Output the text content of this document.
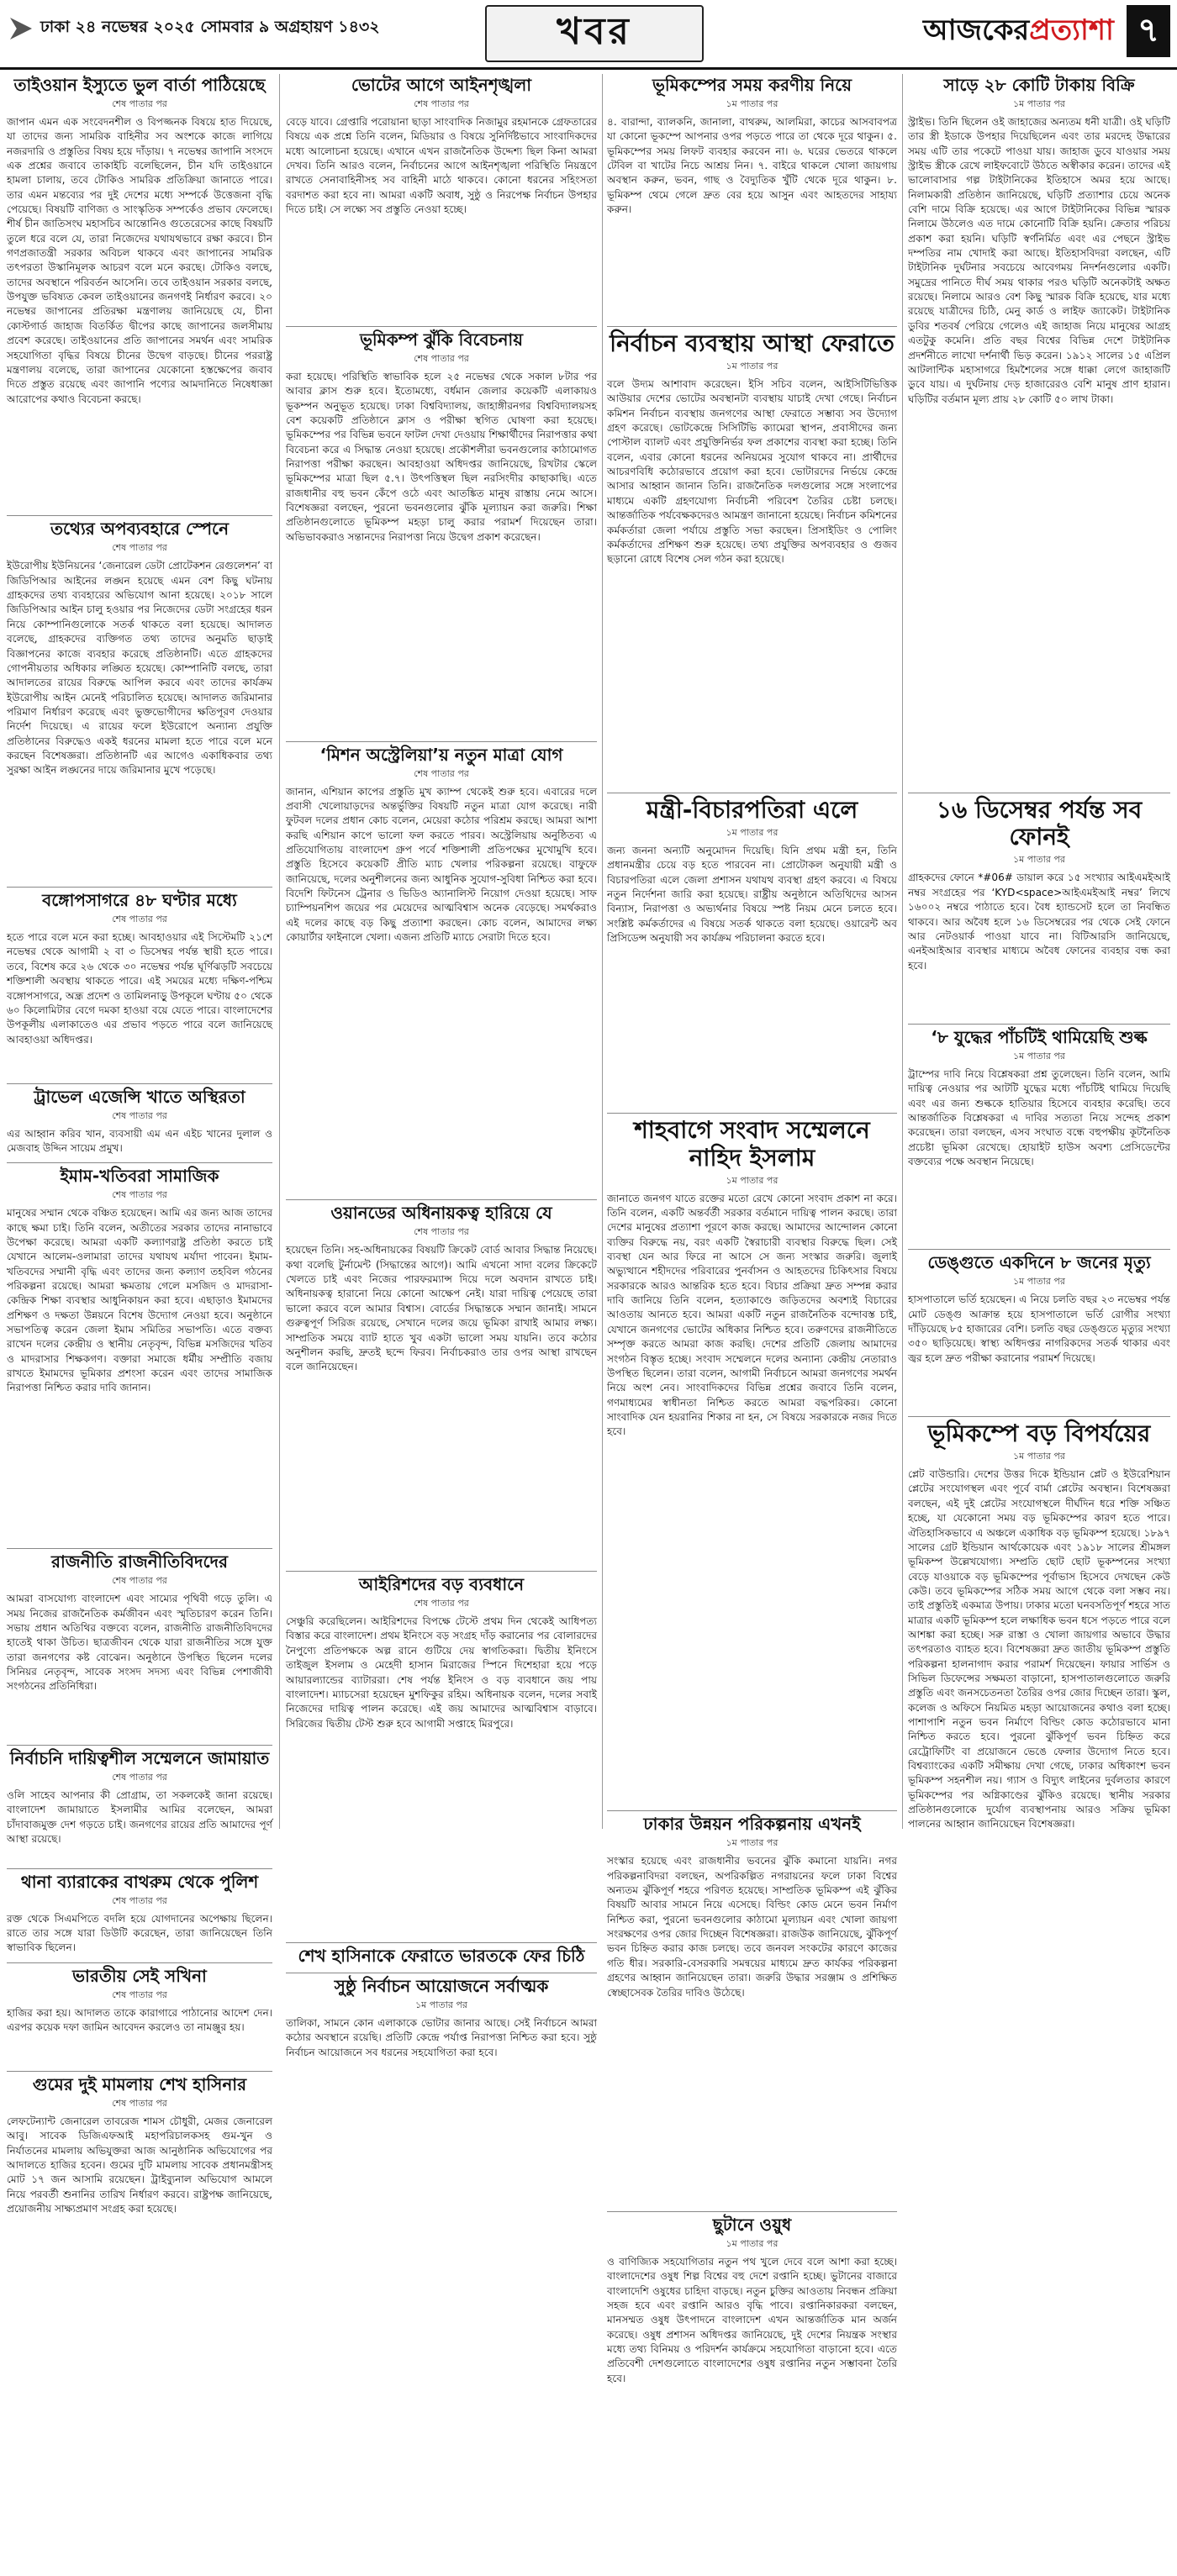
ঢাকা ২৪ নভেম্বর ২০২৫ সোমবার ৯ অগ্রহায়ণ ১৪৩২	খবর	আজকেরপ্রত্যাশা ৭
তাইওয়ান ইস্যুতে ভুল বার্তা পাঠিয়েছে
শেষ পাতার পর
জাপান এমন এক সংবেদনশীল ও বিপজ্জনক বিষয়ে হাত দিয়েছে, যা তাদের জন্য সামরিক বাহিনীর সব অংশকে কাজে লাগিয়ে নজরদারি ও প্রস্তুতির বিষয় হয়ে দাঁড়ায়। ৭ নভেম্বর জাপানি সংসদে এক প্রশ্নের জবাবে তাকাইচি বলেছিলেন, চীন যদি তাইওয়ানে হামলা চালায়, তবে টোকিও সামরিক প্রতিক্রিয়া জানাতে পারে। তার এমন মন্তব্যের পর দুই দেশের মধ্যে সম্পর্কে উত্তেজনা বৃদ্ধি পেয়েছে। বিষয়টি বাণিজ্য ও সাংস্কৃতিক সম্পর্কেও প্রভাব ফেলেছে। শীর্ষ চীন জাতিসংঘ মহাসচিব আন্তোনিও গুতেরেসের কাছে বিষয়টি তুলে ধরে বলে যে, তারা নিজেদের যথাযথভাবে রক্ষা করবে। চীন গণপ্রজাতন্ত্রী সরকার অবিচল থাকবে এবং জাপানের সামরিক তৎপরতা উস্কানিমূলক আচরণ বলে মনে করছে। টোকিও বলছে, তাদের অবস্থানে পরিবর্তন আসেনি। তবে তাইওয়ান সরকার বলছে, উপযুক্ত ভবিষ্যত কেবল তাইওয়ানের জনগণই নির্ধারণ করবে। ২০ নভেম্বর জাপানের প্রতিরক্ষা মন্ত্রণালয় জানিয়েছে যে, চীনা কোস্টগার্ড জাহাজ বিতর্কিত দ্বীপের কাছে জাপানের জলসীমায় প্রবেশ করেছে। তাইওয়ানের প্রতি জাপানের সমর্থন এবং সামরিক সহযোগিতা বৃদ্ধির বিষয়ে চীনের উদ্বেগ বাড়ছে। চীনের পররাষ্ট্র মন্ত্রণালয় বলেছে, তারা জাপানের যেকোনো হস্তক্ষেপের জবাব দিতে প্রস্তুত রয়েছে এবং জাপানি পণ্যের আমদানিতে নিষেধাজ্ঞা আরোপের কথাও বিবেচনা করছে।
তথ্যের অপব্যবহারে স্পেনে
শেষ পাতার পর
ইউরোপীয় ইউনিয়নের ‘জেনারেল ডেটা প্রোটেকশন রেগুলেশন’ বা জিডিপিআর আইনের লঙ্ঘন হয়েছে এমন বেশ কিছু ঘটনায় গ্রাহকদের তথ্য ব্যবহারের অভিযোগ আনা হয়েছে। ২০১৮ সালে জিডিপিআর আইন চালু হওয়ার পর নিজেদের ডেটা সংগ্রহের ধরন নিয়ে কোম্পানিগুলোকে সতর্ক থাকতে বলা হয়েছে। আদালত বলেছে, গ্রাহকদের ব্যক্তিগত তথ্য তাদের অনুমতি ছাড়াই বিজ্ঞাপনের কাজে ব্যবহার করেছে প্রতিষ্ঠানটি। এতে গ্রাহকদের গোপনীয়তার অধিকার লঙ্ঘিত হয়েছে। কোম্পানিটি বলছে, তারা আদালতের রায়ের বিরুদ্ধে আপিল করবে এবং তাদের কার্যক্রম ইউরোপীয় আইন মেনেই পরিচালিত হয়েছে। আদালত জরিমানার পরিমাণ নির্ধারণ করেছে এবং ভুক্তভোগীদের ক্ষতিপূরণ দেওয়ার নির্দেশ দিয়েছে। এ রায়ের ফলে ইউরোপে অন্যান্য প্রযুক্তি প্রতিষ্ঠানের বিরুদ্ধেও একই ধরনের মামলা হতে পারে বলে মনে করছেন বিশেষজ্ঞরা। প্রতিষ্ঠানটি এর আগেও একাধিকবার তথ্য সুরক্ষা আইন লঙ্ঘনের দায়ে জরিমানার মুখে পড়েছে।
বঙ্গোপসাগরে ৪৮ ঘণ্টার মধ্যে
শেষ পাতার পর
হতে পারে বলে মনে করা হচ্ছে। আবহাওয়ার এই সিস্টেমটি ২১শে নভেম্বর থেকে আগামী ২ বা ৩ ডিসেম্বর পর্যন্ত স্থায়ী হতে পারে। তবে, বিশেষ করে ২৬ থেকে ৩০ নভেম্বর পর্যন্ত ঘূর্ণিঝড়টি সবচেয়ে শক্তিশালী অবস্থায় থাকতে পারে। এই সময়ের মধ্যে দক্ষিণ-পশ্চিম বঙ্গোপসাগরে, অন্ধ্র প্রদেশ ও তামিলনাড়ু উপকূলে ঘণ্টায় ৫০ থেকে ৬০ কিলোমিটার বেগে দমকা হাওয়া বয়ে যেতে পারে। বাংলাদেশের উপকূলীয় এলাকাতেও এর প্রভাব পড়তে পারে বলে জানিয়েছে আবহাওয়া অধিদপ্তর।
ট্রাভেল এজেন্সি খাতে অস্থিরতা
শেষ পাতার পর
এর আহ্বান করিব খান, ব্যবসায়ী এম এন এইচ খানের দুলাল ও মেজবাহ উদ্দিন সায়েম প্রমুখ।
ইমাম-খতিবরা সামাজিক
শেষ পাতার পর
মানুষের সম্মান থেকে বঞ্চিত হয়েছেন। আমি এর জন্য আজ তাদের কাছে ক্ষমা চাই। তিনি বলেন, অতীতের সরকার তাদের নানাভাবে উপেক্ষা করেছে। আমরা একটি কল্যাণরাষ্ট্র প্রতিষ্ঠা করতে চাই যেখানে আলেম-ওলামারা তাদের যথাযথ মর্যাদা পাবেন। ইমাম-খতিবদের সম্মানী বৃদ্ধি এবং তাদের জন্য কল্যাণ তহবিল গঠনের পরিকল্পনা রয়েছে। আমরা ক্ষমতায় গেলে মসজিদ ও মাদরাসা-কেন্দ্রিক শিক্ষা ব্যবস্থার আধুনিকায়ন করা হবে। এছাড়াও ইমামদের প্রশিক্ষণ ও দক্ষতা উন্নয়নে বিশেষ উদ্যোগ নেওয়া হবে। অনুষ্ঠানে সভাপতিত্ব করেন জেলা ইমাম সমিতির সভাপতি। এতে বক্তব্য রাখেন দলের কেন্দ্রীয় ও স্থানীয় নেতৃবৃন্দ, বিভিন্ন মসজিদের খতিব ও মাদরাসার শিক্ষকগণ। বক্তারা সমাজে ধর্মীয় সম্প্রীতি বজায় রাখতে ইমামদের ভূমিকার প্রশংসা করেন এবং তাদের সামাজিক নিরাপত্তা নিশ্চিত করার দাবি জানান।
রাজনীতি রাজনীতিবিদদের
শেষ পাতার পর
আমরা বাসযোগ্য বাংলাদেশ এবং সাম্যের পৃথিবী গড়ে তুলি। এ সময় নিজের রাজনৈতিক কর্মজীবন এবং স্মৃতিচারণ করেন তিনি। সভায় প্রধান অতিথির বক্তব্যে বলেন, রাজনীতি রাজনীতিবিদদের হাতেই থাকা উচিত। ছাত্রজীবন থেকে যারা রাজনীতির সঙ্গে যুক্ত তারা জনগণের কষ্ট বোঝেন। অনুষ্ঠানে উপস্থিত ছিলেন দলের সিনিয়র নেতৃবৃন্দ, সাবেক সংসদ সদস্য এবং বিভিন্ন পেশাজীবী সংগঠনের প্রতিনিধিরা।
নির্বাচনি দায়িত্বশীল সম্মেলনে জামায়াত
শেষ পাতার পর
ওলি সাহেব আপনার কী প্রোগ্রাম, তা সকলকেই জানা রয়েছে। বাংলাদেশ জামায়াতে ইসলামীর আমির বলেছেন, আমরা চাঁদাবাজমুক্ত দেশ গড়তে চাই। জনগণের রায়ের প্রতি আমাদের পূর্ণ আস্থা রয়েছে।
থানা ব্যারাকের বাথরুম থেকে পুলিশ
শেষ পাতার পর
রক্ত থেকে সিএমপিতে বদলি হয়ে যোগদানের অপেক্ষায় ছিলেন। রাতে তার সঙ্গে যারা ডিউটি করেছেন, তারা জানিয়েছেন তিনি স্বাভাবিক ছিলেন।
ভারতীয় সেই সখিনা
শেষ পাতার পর
হাজির করা হয়। আদালত তাকে কারাগারে পাঠানোর আদেশ দেন। এরপর কয়েক দফা জামিন আবেদন করলেও তা নামঞ্জুর হয়।
গুমের দুই মামলায় শেখ হাসিনার
শেষ পাতার পর
লেফটেন্যান্ট জেনারেল তাবরেজ শামস চৌধুরী, মেজর জেনারেল আবু। সাবেক ডিজিএফআই মহাপরিচালকসহ গুম-খুন ও নির্যাতনের মামলায় অভিযুক্তরা আজ আনুষ্ঠানিক অভিযোগের পর আদালতে হাজির হবেন। গুমের দুটি মামলায় সাবেক প্রধানমন্ত্রীসহ মোট ১৭ জন আসামি রয়েছেন। ট্রাইব্যুনাল অভিযোগ আমলে নিয়ে পরবর্তী শুনানির তারিখ নির্ধারণ করবে। রাষ্ট্রপক্ষ জানিয়েছে, প্রয়োজনীয় সাক্ষ্যপ্রমাণ সংগ্রহ করা হয়েছে।
ভোটের আগে আইনশৃঙ্খলা
শেষ পাতার পর
বেড়ে যাবে। গ্রেপ্তারি পরোয়ানা ছাড়া সাংবাদিক নিজামুর রহমানকে গ্রেফতারের বিষয়ে এক প্রশ্নে তিনি বলেন, মিডিয়ার ও বিষয়ে সুনির্দিষ্টভাবে সাংবাদিকদের মধ্যে আলোচনা হয়েছে। এখানে এখন রাজনৈতিক উদ্দেশ্য ছিল কিনা আমরা দেখব। তিনি আরও বলেন, নির্বাচনের আগে আইনশৃঙ্খলা পরিস্থিতি নিয়ন্ত্রণে রাখতে সেনাবাহিনীসহ সব বাহিনী মাঠে থাকবে। কোনো ধরনের সহিংসতা বরদাশত করা হবে না। আমরা একটি অবাধ, সুষ্ঠু ও নিরপেক্ষ নির্বাচন উপহার দিতে চাই। সে লক্ষ্যে সব প্রস্তুতি নেওয়া হচ্ছে।
ভূমিকম্প ঝুঁকি বিবেচনায়
শেষ পাতার পর
করা হয়েছে। পরিস্থিতি স্বাভাবিক হলে ২৫ নভেম্বর থেকে সকাল ৮টার পর আবার ক্লাস শুরু হবে। ইতোমধ্যে, বর্ধমান জেলার কয়েকটি এলাকায়ও ভূকম্পন অনুভূত হয়েছে। ঢাকা বিশ্ববিদ্যালয়, জাহাঙ্গীরনগর বিশ্ববিদ্যালয়সহ বেশ কয়েকটি প্রতিষ্ঠানে ক্লাস ও পরীক্ষা স্থগিত ঘোষণা করা হয়েছে। ভূমিকম্পের পর বিভিন্ন ভবনে ফাটল দেখা দেওয়ায় শিক্ষার্থীদের নিরাপত্তার কথা বিবেচনা করে এ সিদ্ধান্ত নেওয়া হয়েছে। প্রকৌশলীরা ভবনগুলোর কাঠামোগত নিরাপত্তা পরীক্ষা করছেন। আবহাওয়া অধিদপ্তর জানিয়েছে, রিখটার স্কেলে ভূমিকম্পের মাত্রা ছিল ৫.৭। উৎপত্তিস্থল ছিল নরসিংদীর কাছাকাছি। এতে রাজধানীর বহু ভবন কেঁপে ওঠে এবং আতঙ্কিত মানুষ রাস্তায় নেমে আসে। বিশেষজ্ঞরা বলছেন, পুরনো ভবনগুলোর ঝুঁকি মূল্যায়ন করা জরুরি। শিক্ষা প্রতিষ্ঠানগুলোতে ভূমিকম্প মহড়া চালু করার পরামর্শ দিয়েছেন তারা। অভিভাবকরাও সন্তানদের নিরাপত্তা নিয়ে উদ্বেগ প্রকাশ করেছেন।
‘মিশন অস্ট্রেলিয়া’য় নতুন মাত্রা যোগ
শেষ পাতার পর
জানান, এশিয়ান কাপের প্রস্তুতি মুখ ক্যাম্প থেকেই শুরু হবে। এবারের দলে প্রবাসী খেলোয়াড়দের অন্তর্ভুক্তির বিষয়টি নতুন মাত্রা যোগ করেছে। নারী ফুটবল দলের প্রধান কোচ বলেন, মেয়েরা কঠোর পরিশ্রম করছে। আমরা আশা করছি এশিয়ান কাপে ভালো ফল করতে পারব। অস্ট্রেলিয়ায় অনুষ্ঠিতব্য এ প্রতিযোগিতায় বাংলাদেশ গ্রুপ পর্বে শক্তিশালী প্রতিপক্ষের মুখোমুখি হবে। প্রস্তুতি হিসেবে কয়েকটি প্রীতি ম্যাচ খেলার পরিকল্পনা রয়েছে। বাফুফে জানিয়েছে, দলের অনুশীলনের জন্য আধুনিক সুযোগ-সুবিধা নিশ্চিত করা হবে। বিদেশি ফিটনেস ট্রেনার ও ভিডিও অ্যানালিস্ট নিয়োগ দেওয়া হয়েছে। সাফ চ্যাম্পিয়নশিপ জয়ের পর মেয়েদের আত্মবিশ্বাস অনেক বেড়েছে। সমর্থকরাও এই দলের কাছে বড় কিছু প্রত্যাশা করছেন। কোচ বলেন, আমাদের লক্ষ্য কোয়ার্টার ফাইনালে খেলা। এজন্য প্রতিটি ম্যাচে সেরাটা দিতে হবে।
ওয়ানডের অধিনায়কত্ব হারিয়ে যে
শেষ পাতার পর
হয়েছেন তিনি। সহ-অধিনায়কের বিষয়টি ক্রিকেট বোর্ড আবার সিদ্ধান্ত নিয়েছে। কথা বলেছি টুর্নামেন্ট (সিদ্ধান্তের আগে)। আমি এখনো সাদা বলের ক্রিকেটে খেলতে চাই এবং নিজের পারফরম্যান্স দিয়ে দলে অবদান রাখতে চাই। অধিনায়কত্ব হারানো নিয়ে কোনো আক্ষেপ নেই। যারা দায়িত্ব পেয়েছে তারা ভালো করবে বলে আমার বিশ্বাস। বোর্ডের সিদ্ধান্তকে সম্মান জানাই। সামনে গুরুত্বপূর্ণ সিরিজ রয়েছে, সেখানে দলের জয়ে ভূমিকা রাখাই আমার লক্ষ্য। সাম্প্রতিক সময়ে ব্যাট হাতে খুব একটা ভালো সময় যায়নি। তবে কঠোর অনুশীলন করছি, দ্রুতই ছন্দে ফিরব। নির্বাচকরাও তার ওপর আস্থা রাখছেন বলে জানিয়েছেন।
আইরিশদের বড় ব্যবধানে
শেষ পাতার পর
সেঞ্চুরি করেছিলেন। আইরিশদের বিপক্ষে টেস্টে প্রথম দিন থেকেই আধিপত্য বিস্তার করে বাংলাদেশ। প্রথম ইনিংসে বড় সংগ্রহ দাঁড় করানোর পর বোলারদের নৈপুণ্যে প্রতিপক্ষকে অল্প রানে গুটিয়ে দেয় স্বাগতিকরা। দ্বিতীয় ইনিংসে তাইজুল ইসলাম ও মেহেদী হাসান মিরাজের স্পিনে দিশেহারা হয়ে পড়ে আয়ারল্যান্ডের ব্যাটাররা। শেষ পর্যন্ত ইনিংস ও বড় ব্যবধানে জয় পায় বাংলাদেশ। ম্যাচসেরা হয়েছেন মুশফিকুর রহিম। অধিনায়ক বলেন, দলের সবাই নিজেদের দায়িত্ব পালন করেছে। এই জয় আমাদের আত্মবিশ্বাস বাড়াবে। সিরিজের দ্বিতীয় টেস্ট শুরু হবে আগামী সপ্তাহে মিরপুরে।
শেখ হাসিনাকে ফেরাতে ভারতকে ফের চিঠি
সুষ্ঠু নির্বাচন আয়োজনে সর্বাত্মক
১ম পাতার পর
তালিকা, সামনে কোন এলাকাকে ভোটার জানার আছে। সেই নির্বাচনে আমরা কঠোর অবস্থানে রয়েছি। প্রতিটি কেন্দ্রে পর্যাপ্ত নিরাপত্তা নিশ্চিত করা হবে। সুষ্ঠু নির্বাচন আয়োজনে সব ধরনের সহযোগিতা করা হবে।
ভূমিকম্পের সময় করণীয় নিয়ে
১ম পাতার পর
৪. বারান্দা, ব্যালকনি, জানালা, বাথরুম, আলমিরা, কাচের আসবাবপত্র যা কোনো ভূকম্পে আপনার ওপর পড়তে পারে তা থেকে দূরে থাকুন। ৫. ভূমিকম্পের সময় লিফট ব্যবহার করবেন না। ৬. ঘরের ভেতরে থাকলে টেবিল বা খাটের নিচে আশ্রয় নিন। ৭. বাইরে থাকলে খোলা জায়গায় অবস্থান করুন, ভবন, গাছ ও বৈদ্যুতিক খুঁটি থেকে দূরে থাকুন। ৮. ভূমিকম্প থেমে গেলে দ্রুত বের হয়ে আসুন এবং আহতদের সাহায্য করুন।
নির্বাচন ব্যবস্থায় আস্থা ফেরাতে
১ম পাতার পর
বলে উদ্যম আশাবাদ করেছেন। ইসি সচিব বলেন, আইসিটিভিত্তিক আউয়ার দেশের ভোটের অবস্থানটা ব্যবস্থায় যাচাই দেখা গেছে। নির্বাচন কমিশন নির্বাচন ব্যবস্থায় জনগণের আস্থা ফেরাতে সম্ভাব্য সব উদ্যোগ গ্রহণ করেছে। ভোটকেন্দ্রে সিসিটিভি ক্যামেরা স্থাপন, প্রবাসীদের জন্য পোস্টাল ব্যালট এবং প্রযুক্তিনির্ভর ফল প্রকাশের ব্যবস্থা করা হচ্ছে। তিনি বলেন, এবার কোনো ধরনের অনিয়মের সুযোগ থাকবে না। প্রার্থীদের আচরণবিধি কঠোরভাবে প্রয়োগ করা হবে। ভোটারদের নির্ভয়ে কেন্দ্রে আসার আহ্বান জানান তিনি। রাজনৈতিক দলগুলোর সঙ্গে সংলাপের মাধ্যমে একটি গ্রহণযোগ্য নির্বাচনী পরিবেশ তৈরির চেষ্টা চলছে। আন্তর্জাতিক পর্যবেক্ষকদেরও আমন্ত্রণ জানানো হয়েছে। নির্বাচন কমিশনের কর্মকর্তারা জেলা পর্যায়ে প্রস্তুতি সভা করছেন। প্রিসাইডিং ও পোলিং কর্মকর্তাদের প্রশিক্ষণ শুরু হয়েছে। তথ্য প্রযুক্তির অপব্যবহার ও গুজব ছড়ানো রোধে বিশেষ সেল গঠন করা হয়েছে।
মন্ত্রী-বিচারপতিরা এলে
১ম পাতার পর
জন্য জননা অন্যটি অনুমোদন দিয়েছি। যিনি প্রথম মন্ত্রী হন, তিনি প্রধানমন্ত্রীর চেয়ে বড় হতে পারবেন না। প্রোটোকল অনুযায়ী মন্ত্রী ও বিচারপতিরা এলে জেলা প্রশাসন যথাযথ ব্যবস্থা গ্রহণ করবে। এ বিষয়ে নতুন নির্দেশনা জারি করা হয়েছে। রাষ্ট্রীয় অনুষ্ঠানে অতিথিদের আসন বিন্যাস, নিরাপত্তা ও অভ্যর্থনার বিষয়ে স্পষ্ট নিয়ম মেনে চলতে হবে। সংশ্লিষ্ট কর্মকর্তাদের এ বিষয়ে সতর্ক থাকতে বলা হয়েছে। ওয়ারেন্ট অব প্রিসিডেন্স অনুযায়ী সব কার্যক্রম পরিচালনা করতে হবে।
শাহবাগে সংবাদ সম্মেলনে নাহিদ ইসলাম
১ম পাতার পর
জানাতে জনগণ যাতে রক্তের মতো রেখে কোনো সংবাদ প্রকাশ না করে। তিনি বলেন, একটি অন্তর্বর্তী সরকার বর্তমানে দায়িত্ব পালন করছে। তারা দেশের মানুষের প্রত্যাশা পূরণে কাজ করছে। আমাদের আন্দোলন কোনো ব্যক্তির বিরুদ্ধে নয়, বরং একটি স্বৈরাচারী ব্যবস্থার বিরুদ্ধে ছিল। সেই ব্যবস্থা যেন আর ফিরে না আসে সে জন্য সংস্কার জরুরি। জুলাই অভ্যুত্থানে শহীদদের পরিবারের পুনর্বাসন ও আহতদের চিকিৎসার বিষয়ে সরকারকে আরও আন্তরিক হতে হবে। বিচার প্রক্রিয়া দ্রুত সম্পন্ন করার দাবি জানিয়ে তিনি বলেন, হত্যাকাণ্ডে জড়িতদের অবশ্যই বিচারের আওতায় আনতে হবে। আমরা একটি নতুন রাজনৈতিক বন্দোবস্ত চাই, যেখানে জনগণের ভোটের অধিকার নিশ্চিত হবে। তরুণদের রাজনীতিতে সম্পৃক্ত করতে আমরা কাজ করছি। দেশের প্রতিটি জেলায় আমাদের সংগঠন বিস্তৃত হচ্ছে। সংবাদ সম্মেলনে দলের অন্যান্য কেন্দ্রীয় নেতারাও উপস্থিত ছিলেন। তারা বলেন, আগামী নির্বাচনে আমরা জনগণের সমর্থন নিয়ে অংশ নেব। সাংবাদিকদের বিভিন্ন প্রশ্নের জবাবে তিনি বলেন, গণমাধ্যমের স্বাধীনতা নিশ্চিত করতে আমরা বদ্ধপরিকর। কোনো সাংবাদিক যেন হয়রানির শিকার না হন, সে বিষয়ে সরকারকে নজর দিতে হবে।
ঢাকার উন্নয়ন পরিকল্পনায় এখনই
১ম পাতার পর
সংস্কার হয়েছে এবং রাজধানীর ভবনের ঝুঁকি কমানো যায়নি। নগর পরিকল্পনাবিদরা বলছেন, অপরিকল্পিত নগরায়নের ফলে ঢাকা বিশ্বের অন্যতম ঝুঁকিপূর্ণ শহরে পরিণত হয়েছে। সাম্প্রতিক ভূমিকম্প এই ঝুঁকির বিষয়টি আবার সামনে নিয়ে এসেছে। বিল্ডিং কোড মেনে ভবন নির্মাণ নিশ্চিত করা, পুরনো ভবনগুলোর কাঠামো মূল্যায়ন এবং খোলা জায়গা সংরক্ষণের ওপর জোর দিচ্ছেন বিশেষজ্ঞরা। রাজউক জানিয়েছে, ঝুঁকিপূর্ণ ভবন চিহ্নিত করার কাজ চলছে। তবে জনবল সংকটের কারণে কাজের গতি ধীর। সরকারি-বেসরকারি সমন্বয়ের মাধ্যমে দ্রুত কার্যকর পরিকল্পনা গ্রহণের আহ্বান জানিয়েছেন তারা। জরুরি উদ্ধার সরঞ্জাম ও প্রশিক্ষিত স্বেচ্ছাসেবক তৈরির দাবিও উঠেছে।
ছুটানে ওয়ুধ
১ম পাতার পর
ও বাণিজ্যিক সহযোগিতার নতুন পথ খুলে দেবে বলে আশা করা হচ্ছে। বাংলাদেশের ওষুধ শিল্প বিশ্বের বহু দেশে রপ্তানি হচ্ছে। ভুটানের বাজারে বাংলাদেশি ওষুধের চাহিদা বাড়ছে। নতুন চুক্তির আওতায় নিবন্ধন প্রক্রিয়া সহজ হবে এবং রপ্তানি আরও বৃদ্ধি পাবে। রপ্তানিকারকরা বলছেন, মানসম্মত ওষুধ উৎপাদনে বাংলাদেশ এখন আন্তর্জাতিক মান অর্জন করেছে। ওষুধ প্রশাসন অধিদপ্তর জানিয়েছে, দুই দেশের নিয়ন্ত্রক সংস্থার মধ্যে তথ্য বিনিময় ও পরিদর্শন কার্যক্রমে সহযোগিতা বাড়ানো হবে। এতে প্রতিবেশী দেশগুলোতে বাংলাদেশের ওষুধ রপ্তানির নতুন সম্ভাবনা তৈরি হবে।
সাড়ে ২৮ কোটি টাকায় বিক্রি
১ম পাতার পর
স্ট্রাইভ। তিনি ছিলেন ওই জাহাজের অন্যতম ধনী যাত্রী। ওই ঘড়িটি তার স্ত্রী ইডাকে উপহার দিয়েছিলেন এবং তার মরদেহ উদ্ধারের সময় এটি তার পকেটে পাওয়া যায়। জাহাজ ডুবে যাওয়ার সময় স্ট্রাইভ স্ত্রীকে রেখে লাইফবোটে উঠতে অস্বীকার করেন। তাদের এই ভালোবাসার গল্প টাইটানিকের ইতিহাসে অমর হয়ে আছে। নিলামকারী প্রতিষ্ঠান জানিয়েছে, ঘড়িটি প্রত্যাশার চেয়ে অনেক বেশি দামে বিক্রি হয়েছে। এর আগে টাইটানিকের বিভিন্ন স্মারক নিলামে উঠলেও এত দামে কোনোটি বিক্রি হয়নি। ক্রেতার পরিচয় প্রকাশ করা হয়নি। ঘড়িটি স্বর্ণনির্মিত এবং এর পেছনে স্ট্রাইভ দম্পতির নাম খোদাই করা আছে। ইতিহাসবিদরা বলছেন, এটি টাইটানিক দুর্ঘটনার সবচেয়ে আবেগময় নিদর্শনগুলোর একটি। সমুদ্রের পানিতে দীর্ঘ সময় থাকার পরও ঘড়িটি অনেকটাই অক্ষত রয়েছে। নিলামে আরও বেশ কিছু স্মারক বিক্রি হয়েছে, যার মধ্যে রয়েছে যাত্রীদের চিঠি, মেনু কার্ড ও লাইফ জ্যাকেট। টাইটানিক ডুবির শতবর্ষ পেরিয়ে গেলেও এই জাহাজ নিয়ে মানুষের আগ্রহ এতটুকু কমেনি। প্রতি বছর বিশ্বের বিভিন্ন দেশে টাইটানিক প্রদর্শনীতে লাখো দর্শনার্থী ভিড় করেন। ১৯১২ সালের ১৫ এপ্রিল আটলান্টিক মহাসাগরে হিমশৈলের সঙ্গে ধাক্কা লেগে জাহাজটি ডুবে যায়। এ দুর্ঘটনায় দেড় হাজারেরও বেশি মানুষ প্রাণ হারান। ঘড়িটির বর্তমান মূল্য প্রায় ২৮ কোটি ৫০ লাখ টাকা।
১৬ ডিসেম্বর পর্যন্ত সব ফোনই
১ম পাতার পর
গ্রাহকদের ফোনে *#06# ডায়াল করে ১৫ সংখ্যার আইএমইআই নম্বর সংগ্রহের পর ‘KYD<space>আইএমইআই নম্বর’ লিখে ১৬০০২ নম্বরে পাঠাতে হবে। বৈধ হ্যান্ডসেট হলে তা নিবন্ধিত থাকবে। আর অবৈধ হলে ১৬ ডিসেম্বরের পর থেকে সেই ফোনে আর নেটওয়ার্ক পাওয়া যাবে না। বিটিআরসি জানিয়েছে, এনইআইআর ব্যবস্থার মাধ্যমে অবৈধ ফোনের ব্যবহার বন্ধ করা হবে।
‘৮ যুদ্ধের পাঁচটিই থামিয়েছি শুল্ক
১ম পাতার পর
ট্রাম্পের দাবি নিয়ে বিশ্লেষকরা প্রশ্ন তুলেছেন। তিনি বলেন, আমি দায়িত্ব নেওয়ার পর আটটি যুদ্ধের মধ্যে পাঁচটিই থামিয়ে দিয়েছি এবং এর জন্য শুল্ককে হাতিয়ার হিসেবে ব্যবহার করেছি। তবে আন্তর্জাতিক বিশ্লেষকরা এ দাবির সত্যতা নিয়ে সন্দেহ প্রকাশ করেছেন। তারা বলছেন, এসব সংঘাত বন্ধে বহুপক্ষীয় কূটনৈতিক প্রচেষ্টা ভূমিকা রেখেছে। হোয়াইট হাউস অবশ্য প্রেসিডেন্টের বক্তব্যের পক্ষে অবস্থান নিয়েছে।
ডেঙ্গুতে একদিনে ৮ জনের মৃত্যু
১ম পাতার পর
হাসপাতালে ভর্তি হয়েছেন। এ নিয়ে চলতি বছর ২৩ নভেম্বর পর্যন্ত মোট ডেঙ্গু আক্রান্ত হয়ে হাসপাতালে ভর্তি রোগীর সংখ্যা দাঁড়িয়েছে ৮৫ হাজারের বেশি। চলতি বছর ডেঙ্গুতে মৃত্যুর সংখ্যা ৩৫০ ছাড়িয়েছে। স্বাস্থ্য অধিদপ্তর নাগরিকদের সতর্ক থাকার এবং জ্বর হলে দ্রুত পরীক্ষা করানোর পরামর্শ দিয়েছে।
ভূমিকম্পে বড় বিপর্যয়ের
১ম পাতার পর
প্লেট বাউন্ডারি। দেশের উত্তর দিকে ইন্ডিয়ান প্লেট ও ইউরেশিয়ান প্লেটের সংযোগস্থল এবং পূর্বে বার্মা প্লেটের অবস্থান। বিশেষজ্ঞরা বলছেন, এই দুই প্লেটের সংযোগস্থলে দীর্ঘদিন ধরে শক্তি সঞ্চিত হচ্ছে, যা যেকোনো সময় বড় ভূমিকম্পের কারণ হতে পারে। ঐতিহাসিকভাবে এ অঞ্চলে একাধিক বড় ভূমিকম্প হয়েছে। ১৮৯৭ সালের গ্রেট ইন্ডিয়ান আর্থকোয়েক এবং ১৯১৮ সালের শ্রীমঙ্গল ভূমিকম্প উল্লেখযোগ্য। সম্প্রতি ছোট ছোট ভূকম্পনের সংখ্যা বেড়ে যাওয়াকে বড় ভূমিকম্পের পূর্বাভাস হিসেবে দেখছেন কেউ কেউ। তবে ভূমিকম্পের সঠিক সময় আগে থেকে বলা সম্ভব নয়। তাই প্রস্তুতিই একমাত্র উপায়। ঢাকার মতো ঘনবসতিপূর্ণ শহরে সাত মাত্রার একটি ভূমিকম্প হলে লক্ষাধিক ভবন ধসে পড়তে পারে বলে আশঙ্কা করা হচ্ছে। সরু রাস্তা ও খোলা জায়গার অভাবে উদ্ধার তৎপরতাও ব্যাহত হবে। বিশেষজ্ঞরা দ্রুত জাতীয় ভূমিকম্প প্রস্তুতি পরিকল্পনা হালনাগাদ করার পরামর্শ দিয়েছেন। ফায়ার সার্ভিস ও সিভিল ডিফেন্সের সক্ষমতা বাড়ানো, হাসপাতালগুলোতে জরুরি প্রস্তুতি এবং জনসচেতনতা তৈরির ওপর জোর দিচ্ছেন তারা। স্কুল, কলেজ ও অফিসে নিয়মিত মহড়া আয়োজনের কথাও বলা হচ্ছে। পাশাপাশি নতুন ভবন নির্মাণে বিল্ডিং কোড কঠোরভাবে মানা নিশ্চিত করতে হবে। পুরনো ঝুঁকিপূর্ণ ভবন চিহ্নিত করে রেট্রোফিটিং বা প্রয়োজনে ভেঙে ফেলার উদ্যোগ নিতে হবে। বিশ্বব্যাংকের একটি সমীক্ষায় দেখা গেছে, ঢাকার অধিকাংশ ভবন ভূমিকম্প সহনশীল নয়। গ্যাস ও বিদ্যুৎ লাইনের দুর্বলতার কারণে ভূমিকম্পের পর অগ্নিকাণ্ডের ঝুঁকিও রয়েছে। স্থানীয় সরকার প্রতিষ্ঠানগুলোকে দুর্যোগ ব্যবস্থাপনায় আরও সক্রিয় ভূমিকা পালনের আহ্বান জানিয়েছেন বিশেষজ্ঞরা।
